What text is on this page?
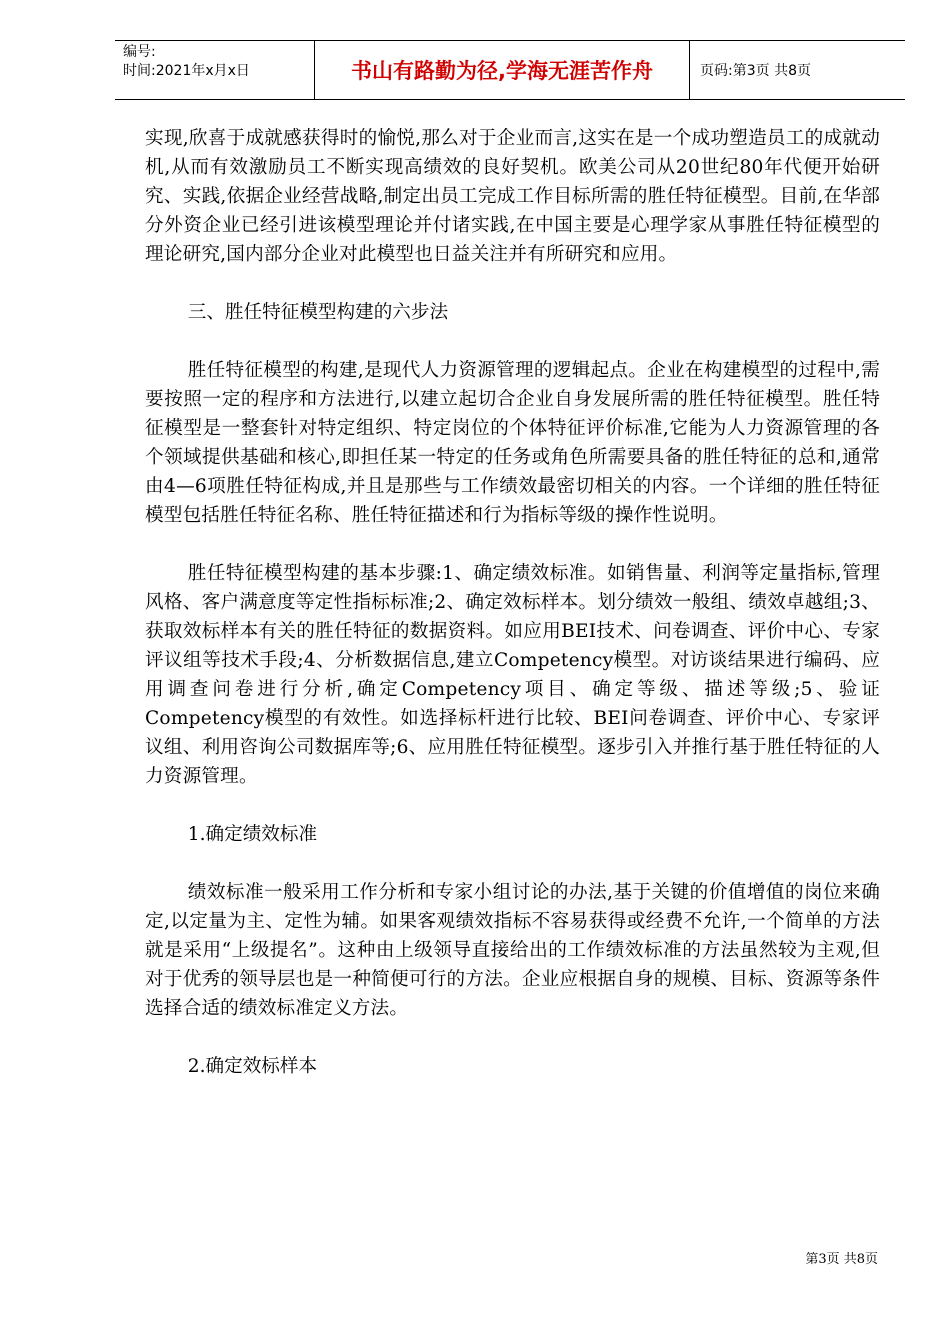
编号:
时间:2021年x月x日	书山有路勤为径,学海无涯苦作舟	页码:第3页 共8页

实现,欣喜于成就感获得时的愉悦,那么对于企业而言,这实在是一个成功塑造员工的成就动机,从而有效激励员工不断实现高绩效的良好契机。欧美公司从20世纪80年代便开始研究、实践,依据企业经营战略,制定出员工完成工作目标所需的胜任特征模型。目前,在华部分外资企业已经引进该模型理论并付诸实践,在中国主要是心理学家从事胜任特征模型的理论研究,国内部分企业对此模型也日益关注并有所研究和应用。

三、胜任特征模型构建的六步法

胜任特征模型的构建,是现代人力资源管理的逻辑起点。企业在构建模型的过程中,需要按照一定的程序和方法进行,以建立起切合企业自身发展所需的胜任特征模型。胜任特征模型是一整套针对特定组织、特定岗位的个体特征评价标准,它能为人力资源管理的各个领域提供基础和核心,即担任某一特定的任务或角色所需要具备的胜任特征的总和,通常由4—6项胜任特征构成,并且是那些与工作绩效最密切相关的内容。一个详细的胜任特征模型包括胜任特征名称、胜任特征描述和行为指标等级的操作性说明。

胜任特征模型构建的基本步骤:1、确定绩效标准。如销售量、利润等定量指标,管理风格、客户满意度等定性指标标准;2、确定效标样本。划分绩效一般组、绩效卓越组;3、获取效标样本有关的胜任特征的数据资料。如应用BEI技术、问卷调查、评价中心、专家评议组等技术手段;4、分析数据信息,建立Competency模型。对访谈结果进行编码、应用调查问卷进行分析,确定Competency项目、确定等级、描述等级;5、验证Competency模型的有效性。如选择标杆进行比较、BEI问卷调查、评价中心、专家评议组、利用咨询公司数据库等;6、应用胜任特征模型。逐步引入并推行基于胜任特征的人力资源管理。

1.确定绩效标准

绩效标准一般采用工作分析和专家小组讨论的办法,基于关键的价值增值的岗位来确定,以定量为主、定性为辅。如果客观绩效指标不容易获得或经费不允许,一个简单的方法就是采用“上级提名”。这种由上级领导直接给出的工作绩效标准的方法虽然较为主观,但对于优秀的领导层也是一种简便可行的方法。企业应根据自身的规模、目标、资源等条件选择合适的绩效标准定义方法。

2.确定效标样本

第3页 共8页
